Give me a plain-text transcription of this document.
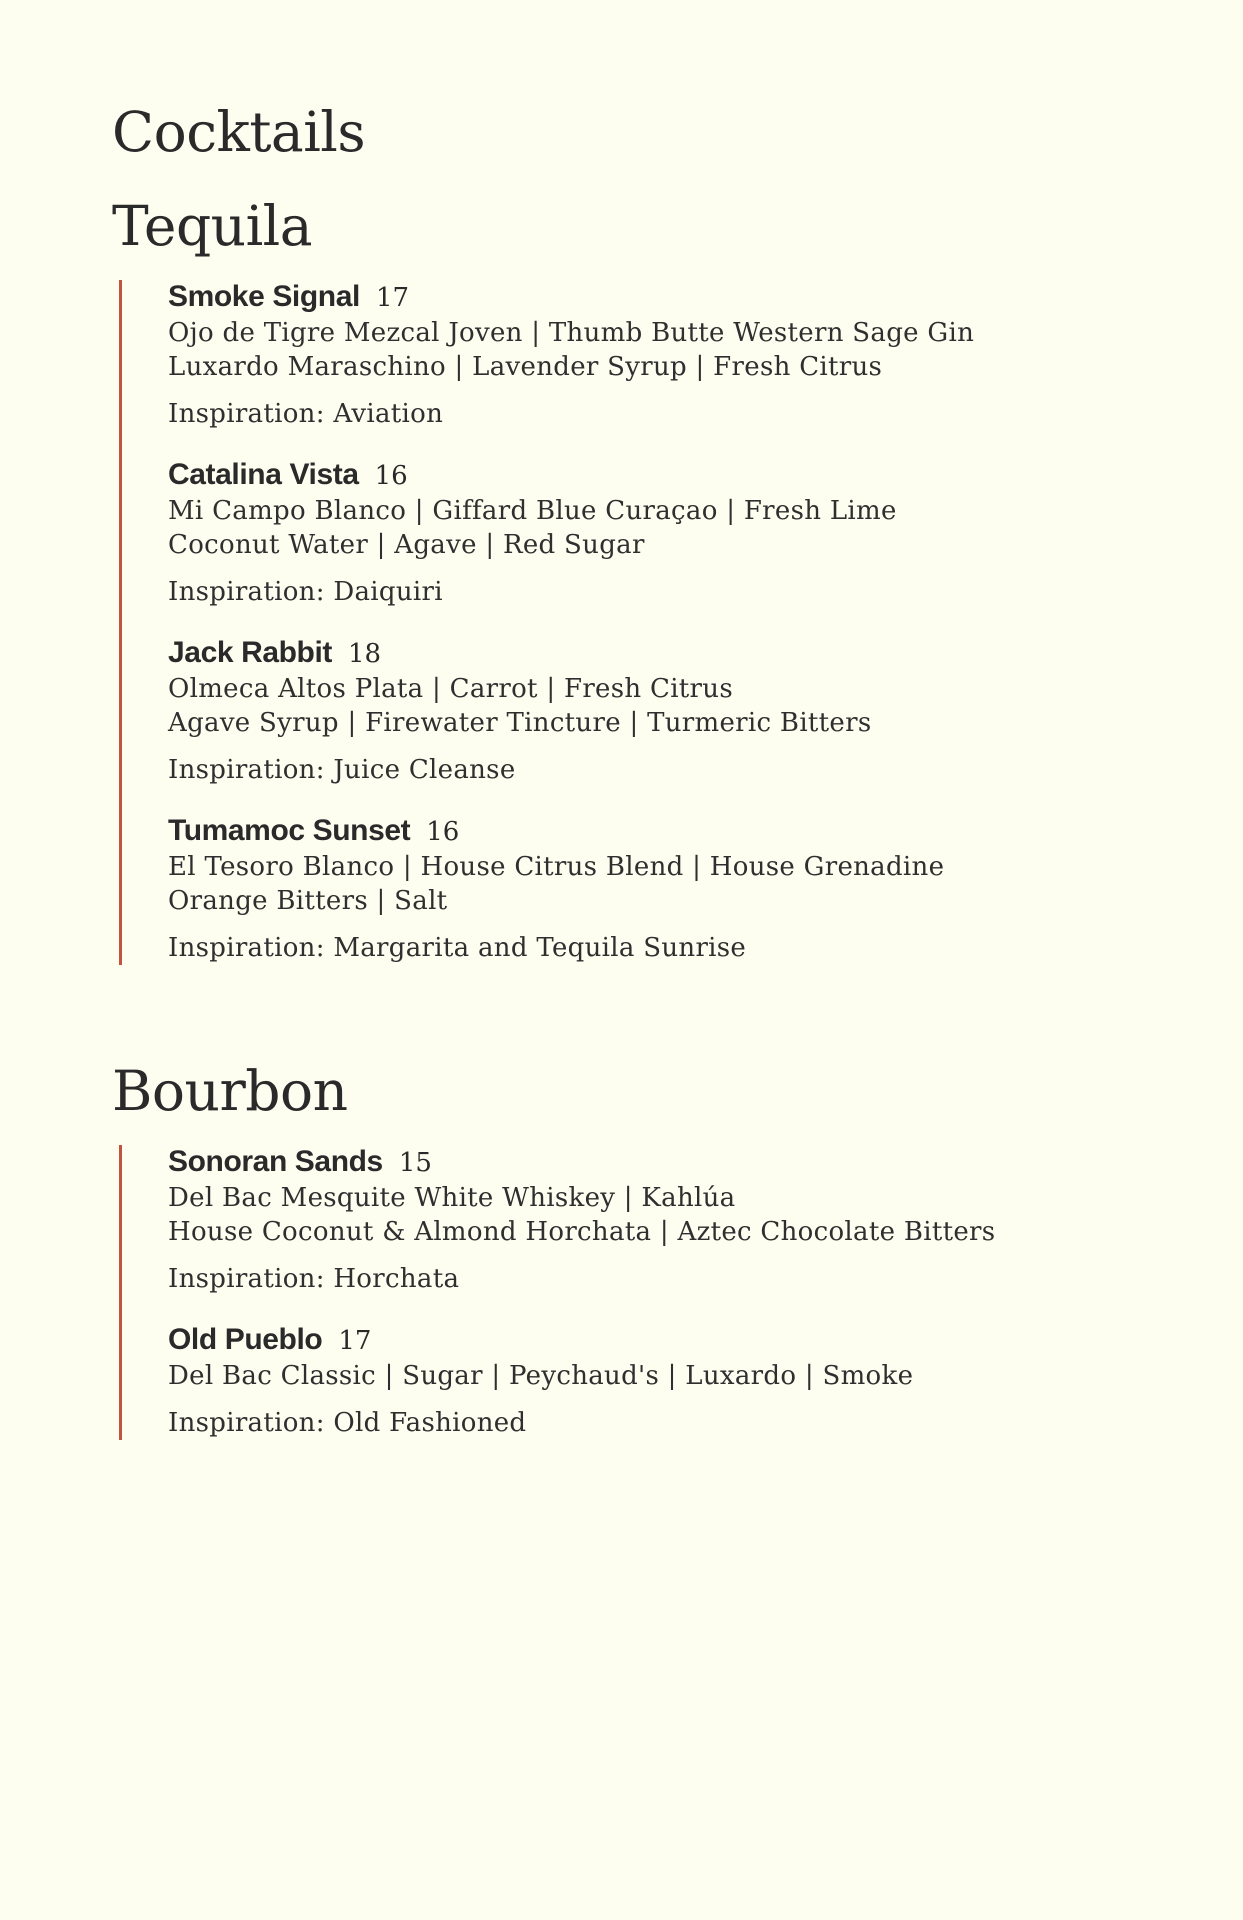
Cocktails
Tequila
Smoke Signal 17
Ojo de Tigre Mezcal Joven | Thumb Butte Western Sage Gin
Luxardo Maraschino | Lavender Syrup | Fresh Citrus
Inspiration: Aviation
Catalina Vista 16
Mi Campo Blanco | Giffard Blue Curaçao | Fresh Lime
Coconut Water | Agave | Red Sugar
Inspiration: Daiquiri
Jack Rabbit 18
Olmeca Altos Plata | Carrot | Fresh Citrus
Agave Syrup | Firewater Tincture | Turmeric Bitters
Inspiration: Juice Cleanse
Tumamoc Sunset 16
El Tesoro Blanco | House Citrus Blend | House Grenadine
Orange Bitters | Salt
Inspiration: Margarita and Tequila Sunrise
Bourbon
Sonoran Sands 15
Del Bac Mesquite White Whiskey | Kahlúa
House Coconut & Almond Horchata | Aztec Chocolate Bitters
Inspiration: Horchata
Old Pueblo 17
Del Bac Classic | Sugar | Peychaud's | Luxardo | Smoke
Inspiration: Old Fashioned
